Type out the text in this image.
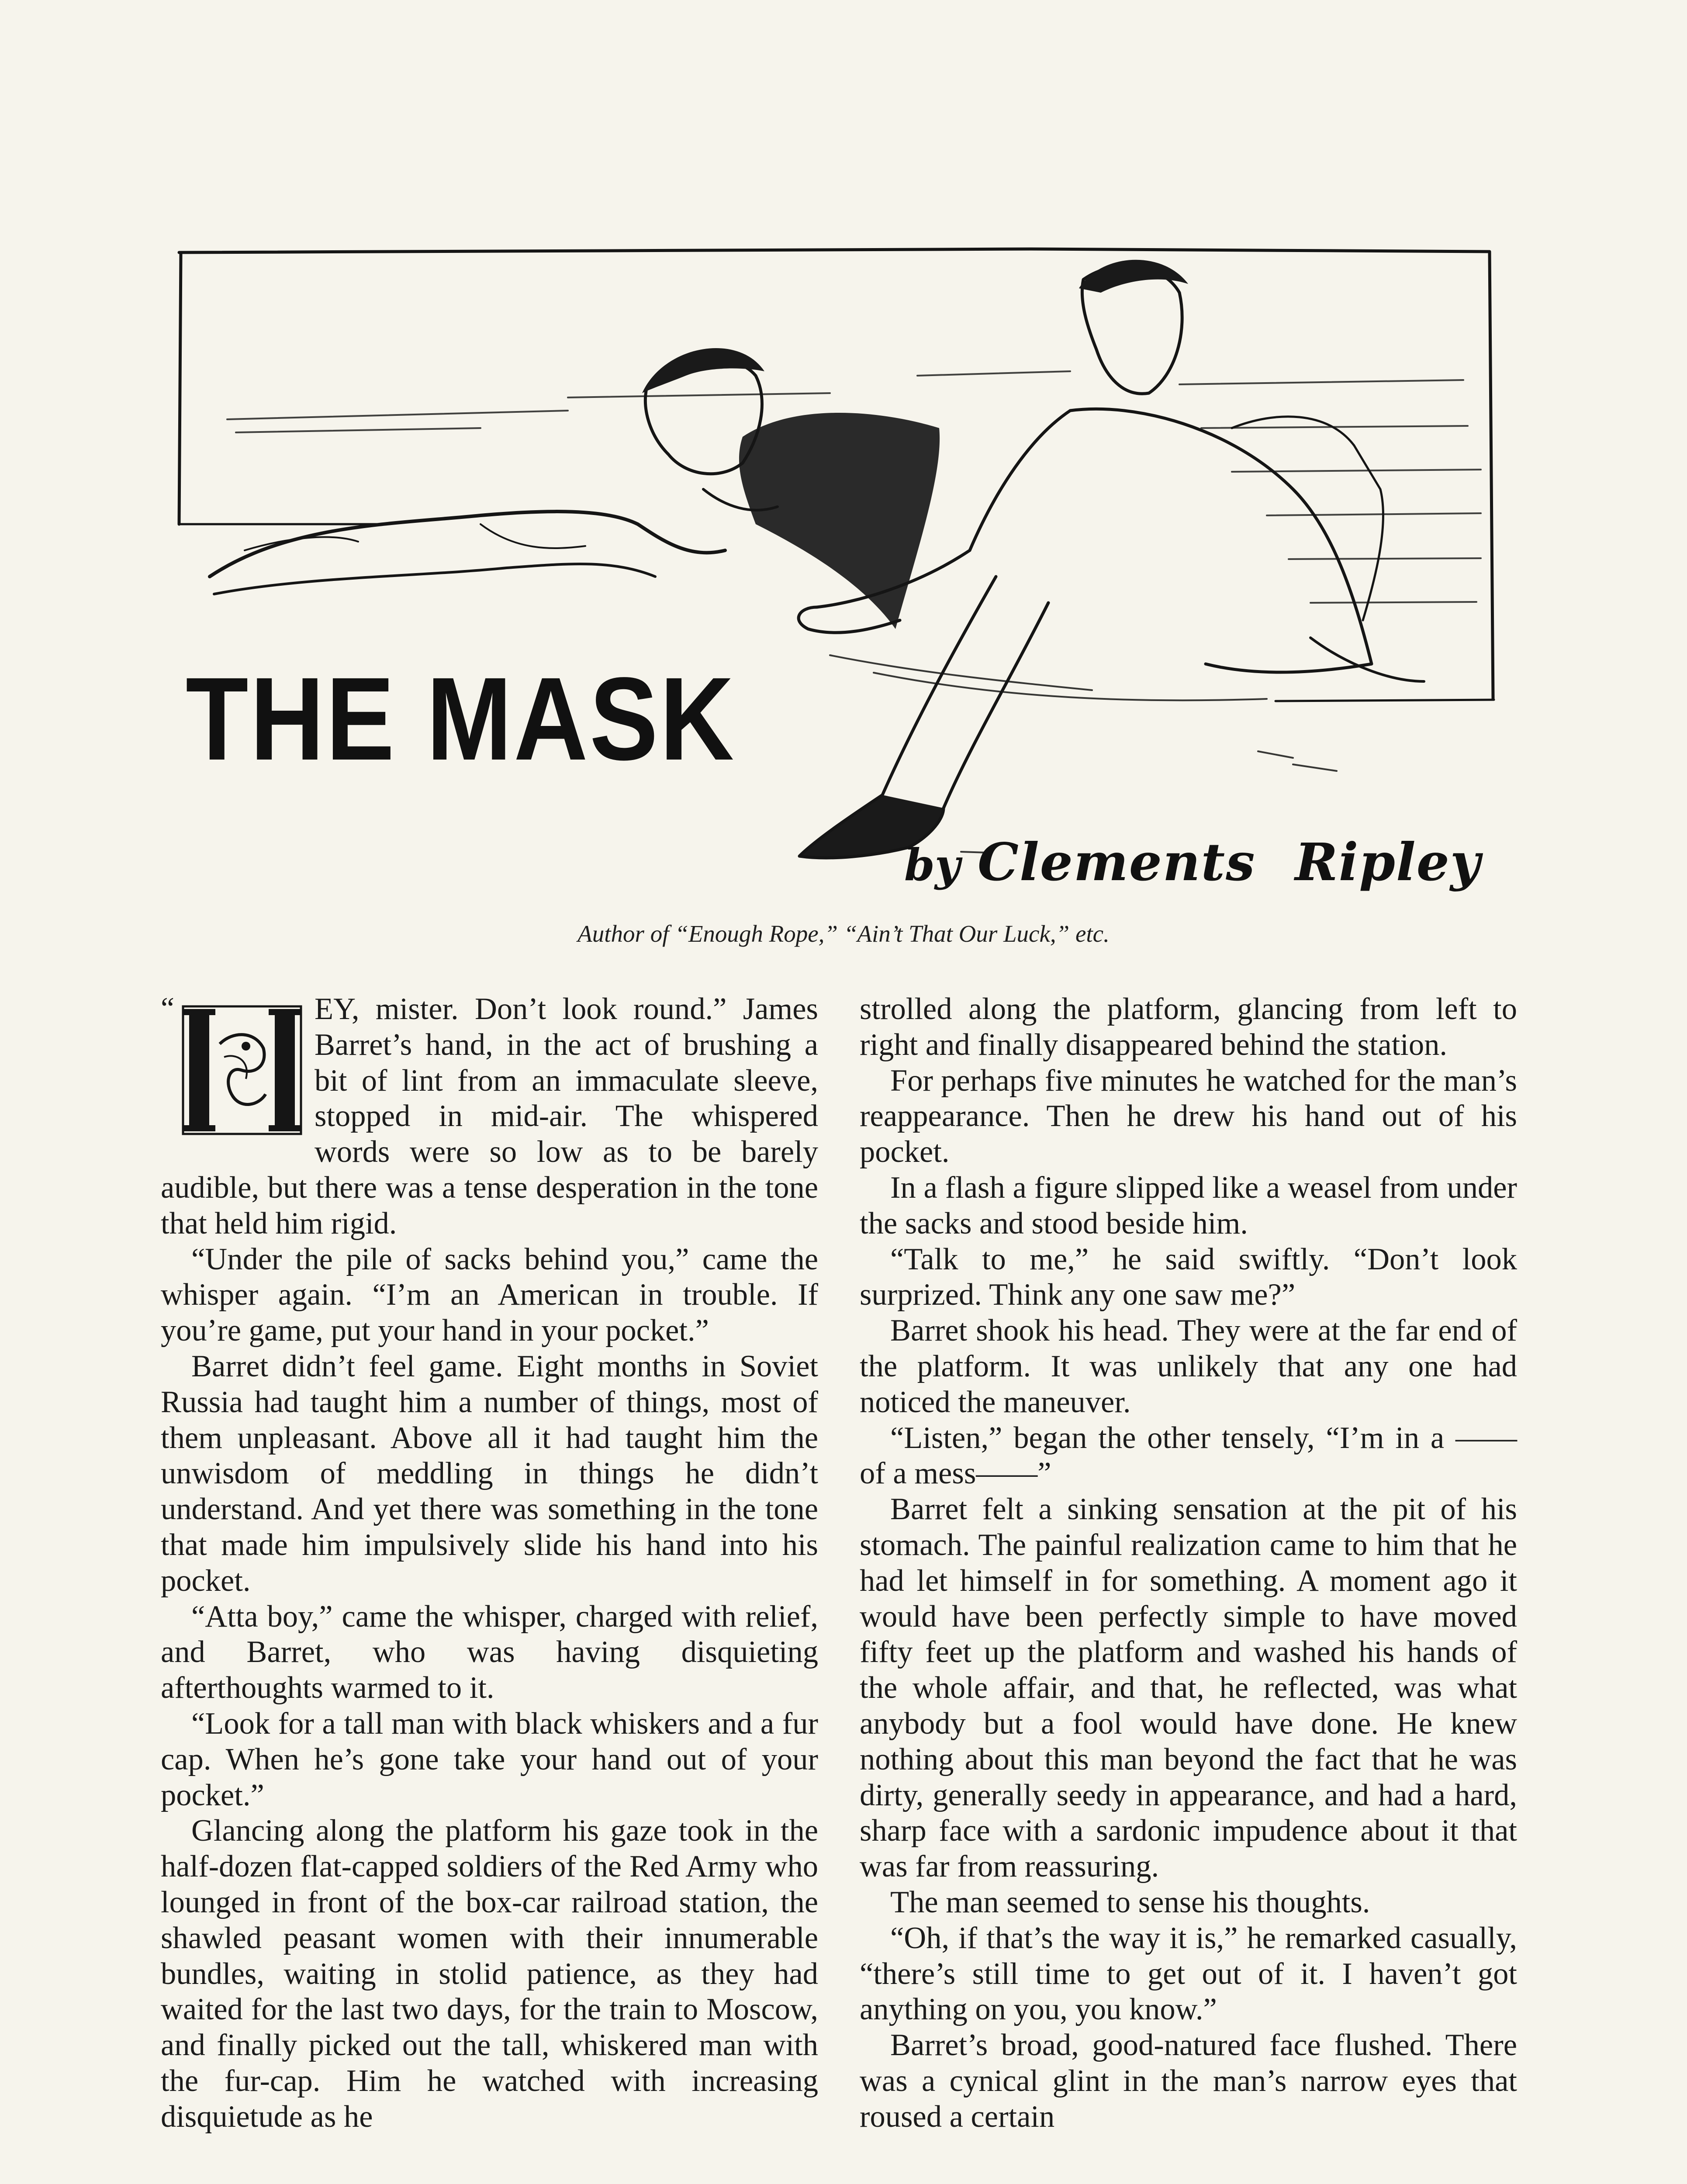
THE MASK
by Clements Ripley
Author of “Enough Rope,” “Ain’t That Our Luck,” etc.
“	EY, mister. Don’t look round.” James Barret’s hand, in the act of brushing a bit of lint from an immaculate sleeve, stopped in mid-air. The whispered words were so low as to be barely audible, but there was a tense desperation in the tone that held him rigid.

“Under the pile of sacks behind you,” came the whisper again. “I’m an American in trouble. If you’re game, put your hand in your pocket.”

Barret didn’t feel game. Eight months in Soviet Russia had taught him a number of things, most of them unpleasant. Above all it had taught him the unwisdom of meddling in things he didn’t understand. And yet there was something in the tone that made him impulsively slide his hand into his pocket.

“Atta boy,” came the whisper, charged with relief, and Barret, who was having disquieting afterthoughts warmed to it.

“Look for a tall man with black whiskers and a fur cap. When he’s gone take your hand out of your pocket.”

Glancing along the platform his gaze took in the half-dozen flat-capped soldiers of the Red Army who lounged in front of the box-car railroad station, the shawled peasant women with their innumerable bundles, waiting in stolid patience, as they had waited for the last two days, for the train to Moscow, and finally picked out the tall, whiskered man with the fur-cap. Him he watched with increasing disquietude as he

strolled along the platform, glancing from left to right and finally disappeared behind the station.

For perhaps five minutes he watched for the man’s reappearance. Then he drew his hand out of his pocket.

In a flash a figure slipped like a weasel from under the sacks and stood beside him.

“Talk to me,” he said swiftly. “Don’t look surprized. Think any one saw me?”

Barret shook his head. They were at the far end of the platform. It was unlikely that any one had noticed the maneuver.

“Listen,” began the other tensely, “I’m in a —— of a mess——”

Barret felt a sinking sensation at the pit of his stomach. The painful realization came to him that he had let himself in for something. A moment ago it would have been perfectly simple to have moved fifty feet up the platform and washed his hands of the whole affair, and that, he reflected, was what anybody but a fool would have done. He knew nothing about this man beyond the fact that he was dirty, generally seedy in appearance, and had a hard, sharp face with a sardonic impudence about it that was far from reassuring.

The man seemed to sense his thoughts.

“Oh, if that’s the way it is,” he remarked casually, “there’s still time to get out of it. I haven’t got anything on you, you know.”

Barret’s broad, good-natured face flushed. There was a cynical glint in the man’s narrow eyes that roused a certain
